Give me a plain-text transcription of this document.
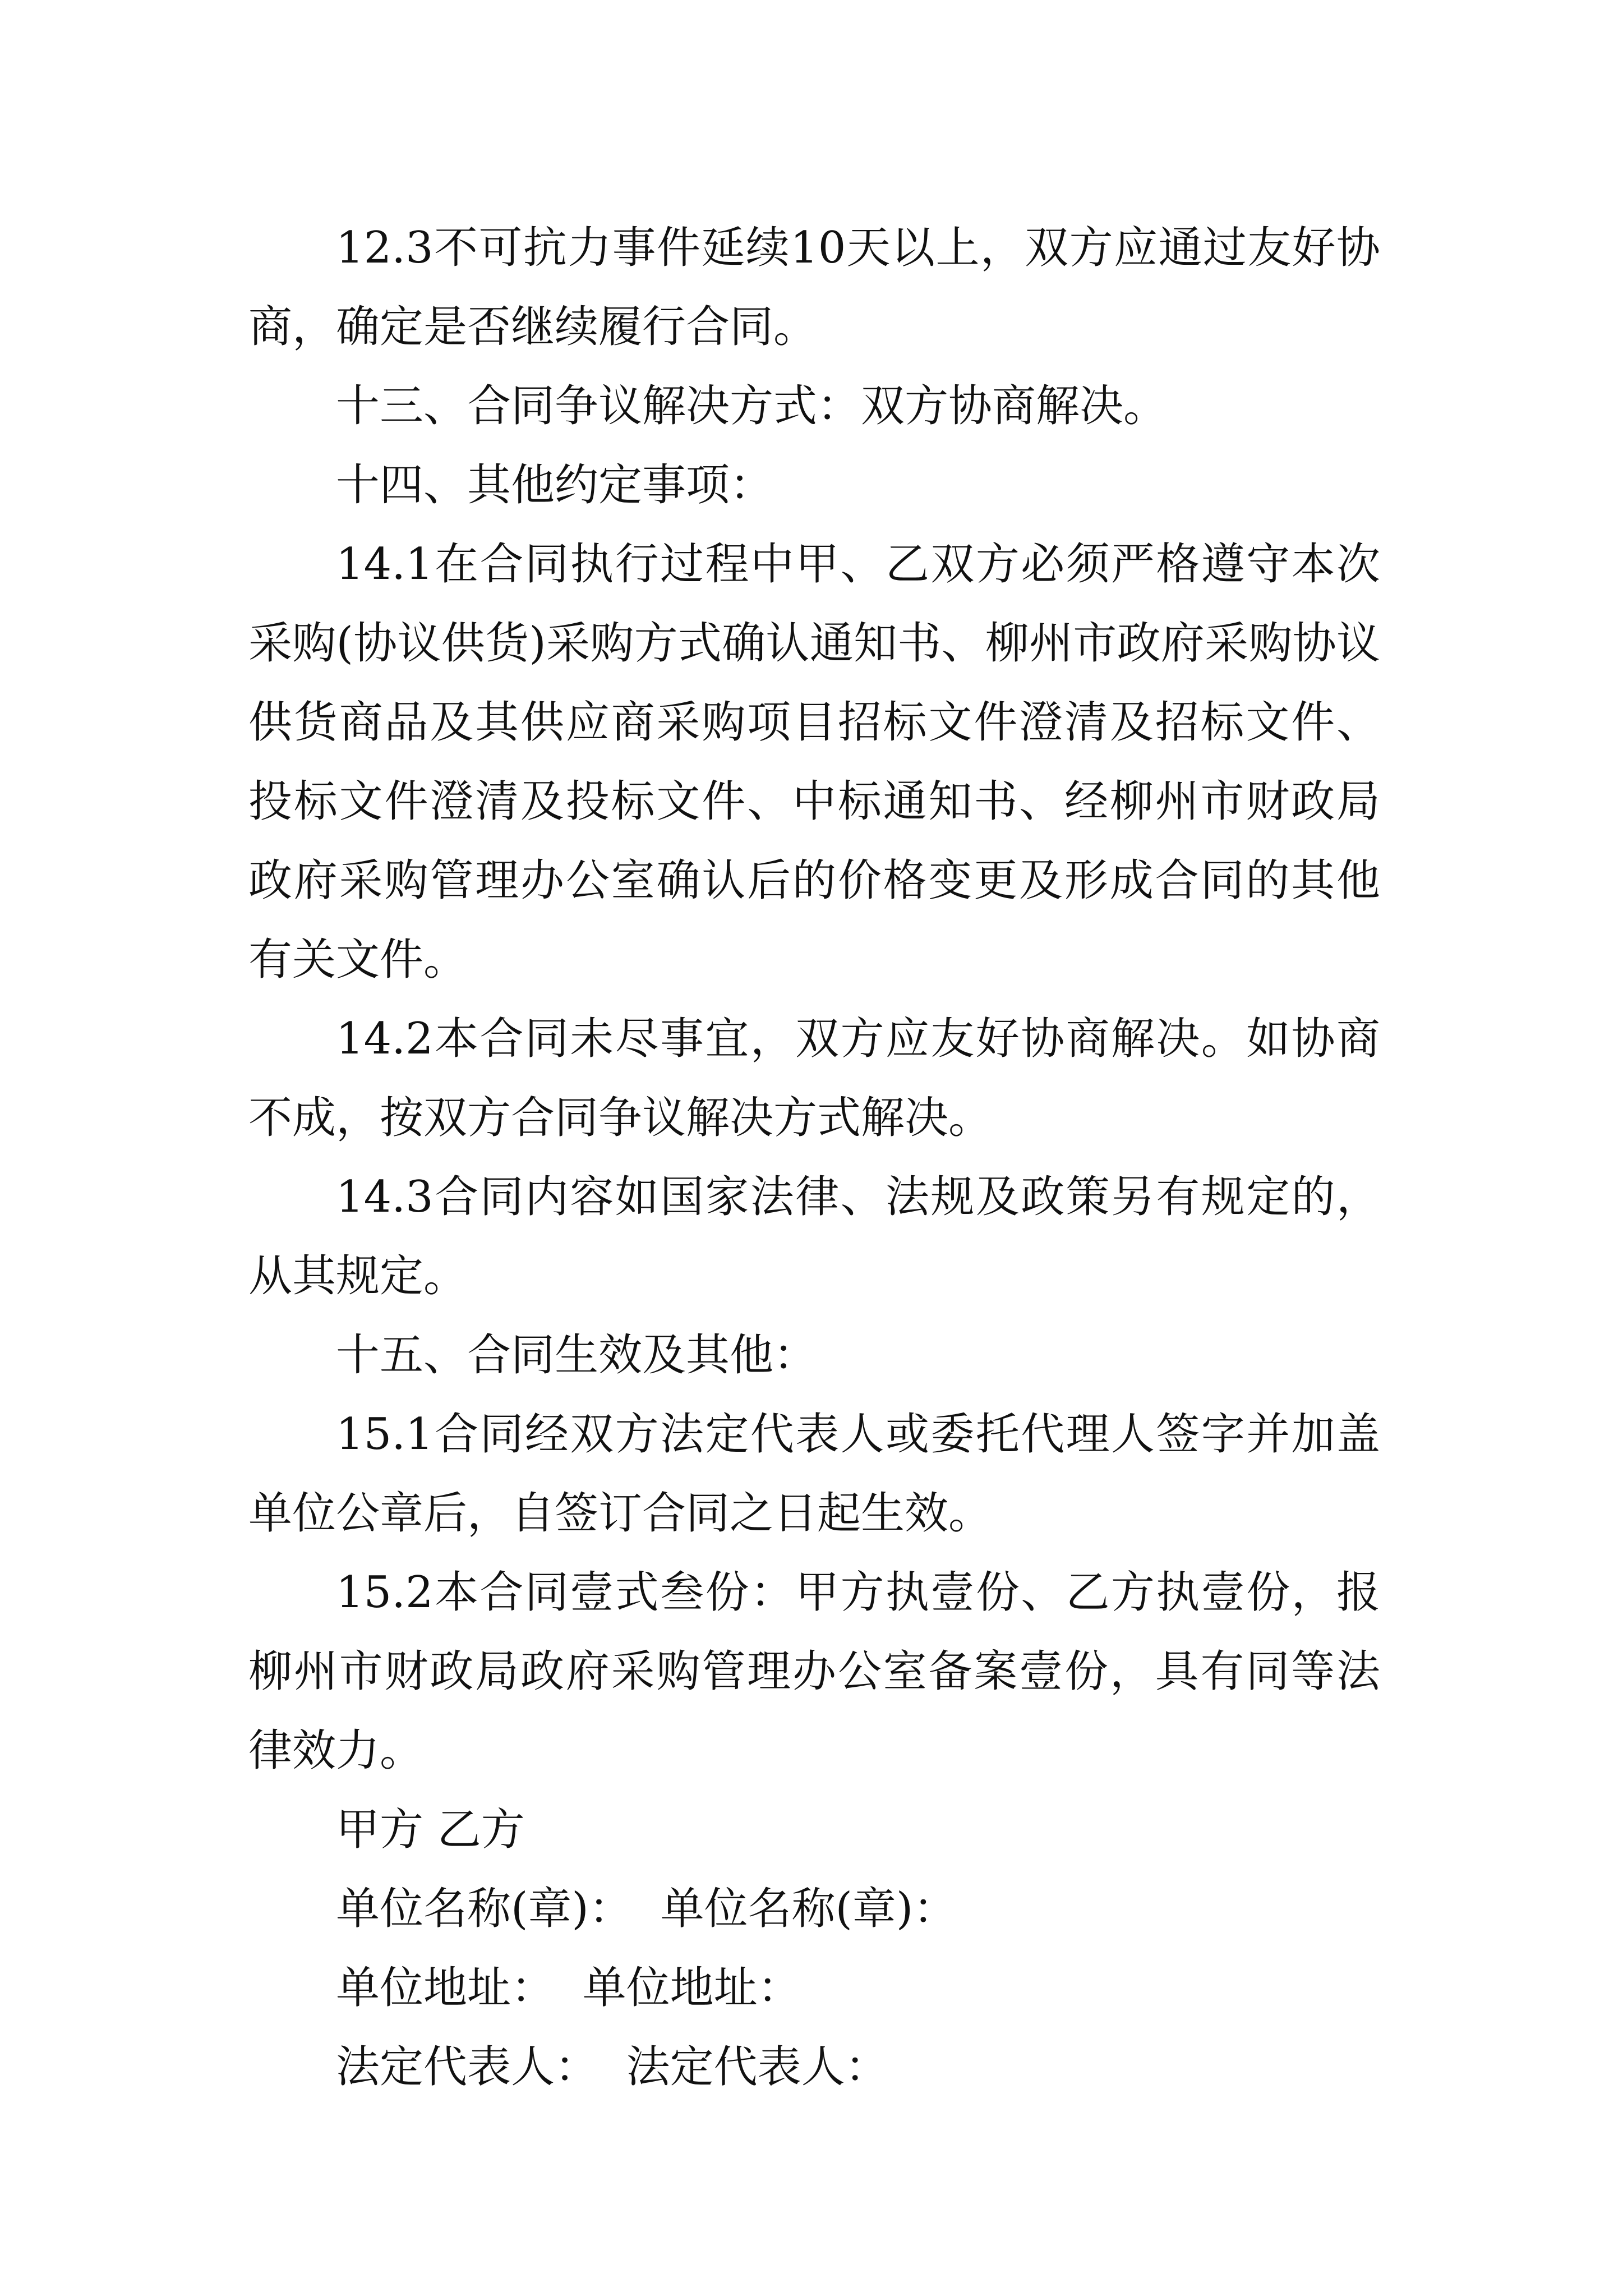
12.3不可抗力事件延续10天以上，双方应通过友好协商，确定是否继续履行合同。

十三、合同争议解决方式：双方协商解决。

十四、其他约定事项：

14.1在合同执行过程中甲、乙双方必须严格遵守本次采购(协议供货)采购方式确认通知书、柳州市政府采购协议供货商品及其供应商采购项目招标文件澄清及招标文件、投标文件澄清及投标文件、中标通知书、经柳州市财政局政府采购管理办公室确认后的价格变更及形成合同的其他有关文件。

14.2本合同未尽事宜，双方应友好协商解决。如协商不成，按双方合同争议解决方式解决。

14.3合同内容如国家法律、法规及政策另有规定的，从其规定。

十五、合同生效及其他：

15.1合同经双方法定代表人或委托代理人签字并加盖单位公章后，自签订合同之日起生效。

15.2本合同壹式叁份：甲方执壹份、乙方执壹份，报柳州市财政局政府采购管理办公室备案壹份，具有同等法律效力。

甲方 乙方

单位名称(章)：  单位名称(章)：

单位地址：  单位地址：

法定代表人：  法定代表人：
